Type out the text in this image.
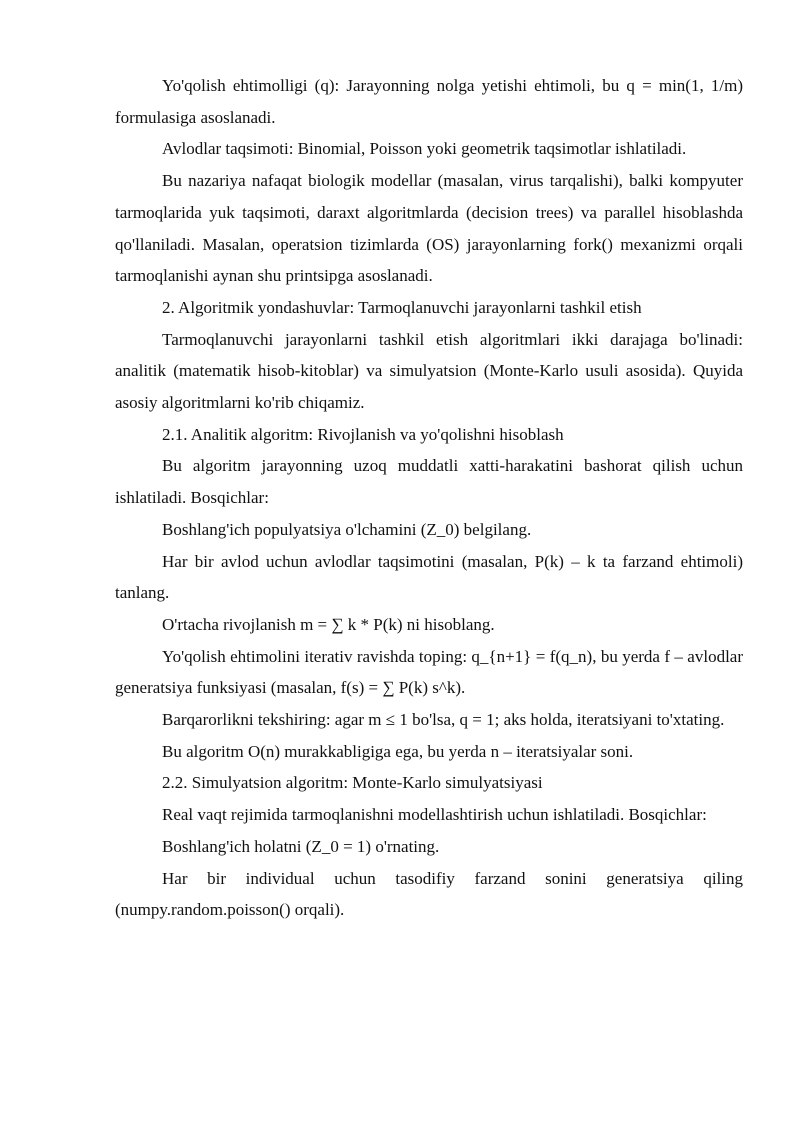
Yo'qolish ehtimolligi (q): Jarayonning nolga yetishi ehtimoli, bu q = min(1, 1/m) formulasiga asoslanadi.

Avlodlar taqsimoti: Binomial, Poisson yoki geometrik taqsimotlar ishlatiladi.

Bu nazariya nafaqat biologik modellar (masalan, virus tarqalishi), balki kompyuter tarmoqlarida yuk taqsimoti, daraxt algoritmlarda (decision trees) va parallel hisoblashda qo'llaniladi. Masalan, operatsion tizimlarda (OS) jarayonlarning fork() mexanizmi orqali tarmoqlanishi aynan shu printsipga asoslanadi.

2. Algoritmik yondashuvlar: Tarmoqlanuvchi jarayonlarni tashkil etish

Tarmoqlanuvchi jarayonlarni tashkil etish algoritmlari ikki darajaga bo'linadi: analitik (matematik hisob-kitoblar) va simulyatsion (Monte-Karlo usuli asosida). Quyida asosiy algoritmlarni ko'rib chiqamiz.

2.1. Analitik algoritm: Rivojlanish va yo'qolishni hisoblash

Bu algoritm jarayonning uzoq muddatli xatti-harakatini bashorat qilish uchun ishlatiladi. Bosqichlar:

Boshlang'ich populyatsiya o'lchamini (Z_0) belgilang.

Har bir avlod uchun avlodlar taqsimotini (masalan, P(k) – k ta farzand ehtimoli) tanlang.

O'rtacha rivojlanish m = ∑ k * P(k) ni hisoblang.

Yo'qolish ehtimolini iterativ ravishda toping: q_{n+1} = f(q_n), bu yerda f – avlodlar generatsiya funksiyasi (masalan, f(s) = ∑ P(k) s^k).

Barqarorlikni tekshiring: agar m ≤ 1 bo'lsa, q = 1; aks holda, iteratsiyani to'xtating.

Bu algoritm O(n) murakkabligiga ega, bu yerda n – iteratsiyalar soni.

2.2. Simulyatsion algoritm: Monte-Karlo simulyatsiyasi

Real vaqt rejimida tarmoqlanishni modellashtirish uchun ishlatiladi. Bosqichlar:

Boshlang'ich holatni (Z_0 = 1) o'rnating.

Har bir individual uchun tasodifiy farzand sonini generatsiya qiling (numpy.random.poisson() orqali).
